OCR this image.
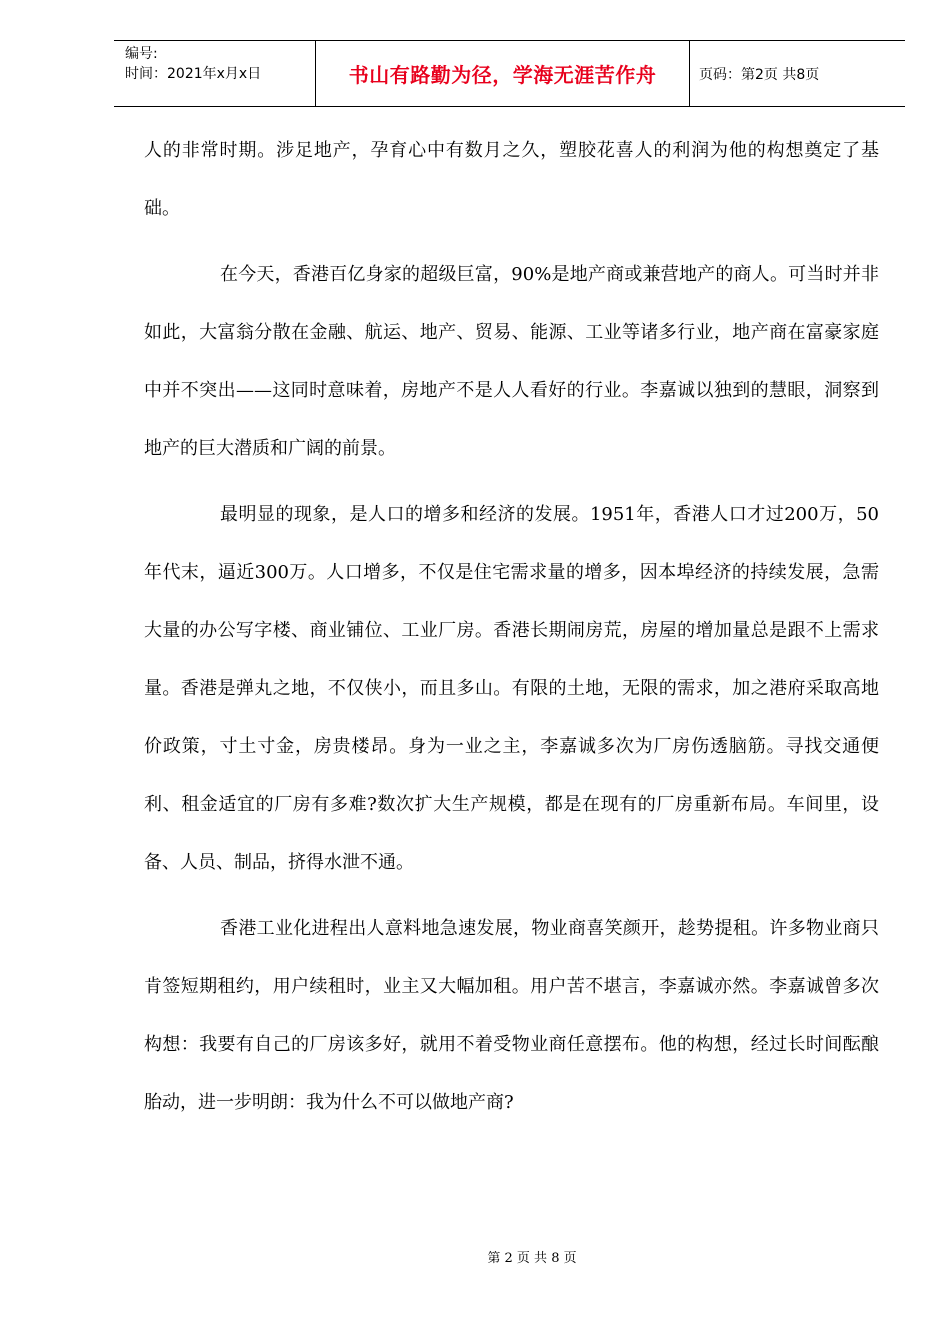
编号:
时间：2021年x月x日	书山有路勤为径，学海无涯苦作舟	页码：第2页 共8页

人的非常时期。涉足地产，孕育心中有数月之久，塑胶花喜人的利润为他的构想奠定了基础。

在今天，香港百亿身家的超级巨富，90%是地产商或兼营地产的商人。可当时并非如此，大富翁分散在金融、航运、地产、贸易、能源、工业等诸多行业，地产商在富豪家庭中并不突出——这同时意味着，房地产不是人人看好的行业。李嘉诚以独到的慧眼，洞察到地产的巨大潜质和广阔的前景。

最明显的现象，是人口的增多和经济的发展。1951年，香港人口才过200万，50年代末，逼近300万。人口增多，不仅是住宅需求量的增多，因本埠经济的持续发展，急需大量的办公写字楼、商业铺位、工业厂房。香港长期闹房荒，房屋的增加量总是跟不上需求量。香港是弹丸之地，不仅侠小，而且多山。有限的土地，无限的需求，加之港府采取高地价政策，寸土寸金，房贵楼昂。身为一业之主，李嘉诚多次为厂房伤透脑筋。寻找交通便利、租金适宜的厂房有多难?数次扩大生产规模，都是在现有的厂房重新布局。车间里，设备、人员、制品，挤得水泄不通。

香港工业化进程出人意料地急速发展，物业商喜笑颜开，趁势提租。许多物业商只肯签短期租约，用户续租时，业主又大幅加租。用户苦不堪言，李嘉诚亦然。李嘉诚曾多次构想：我要有自己的厂房该多好，就用不着受物业商任意摆布。他的构想，经过长时间酝酿胎动，进一步明朗：我为什么不可以做地产商?

第 2 页 共 8 页
